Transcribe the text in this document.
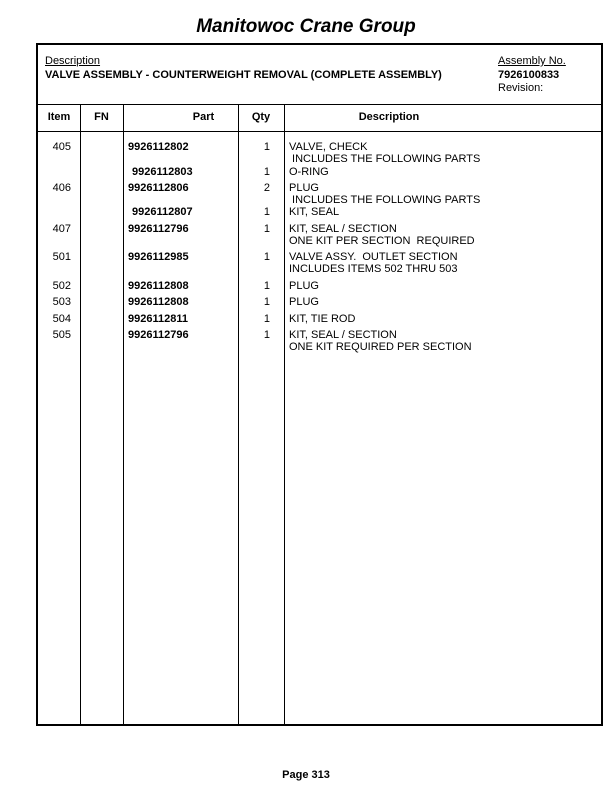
Manitowoc Crane Group
Description
VALVE ASSEMBLY - COUNTERWEIGHT REMOVAL (COMPLETE ASSEMBLY)
Assembly No.
7926100833
Revision:
Item	FN	Part	Qty	Description
405	9926112802	1 VALVE, CHECK
INCLUDES THE FOLLOWING PARTS
9926112803	1 O-RING
406	9926112806	2 PLUG
INCLUDES THE FOLLOWING PARTS
9926112807	1 KIT, SEAL
407	9926112796	1 KIT, SEAL / SECTION
ONE KIT PER SECTION  REQUIRED
501	9926112985	1 VALVE ASSY.  OUTLET SECTION
INCLUDES ITEMS 502 THRU 503
502	9926112808	1 PLUG
503	9926112808	1 PLUG
504	9926112811	1 KIT, TIE ROD
505	9926112796	1 KIT, SEAL / SECTION
ONE KIT REQUIRED PER SECTION
Page 313
